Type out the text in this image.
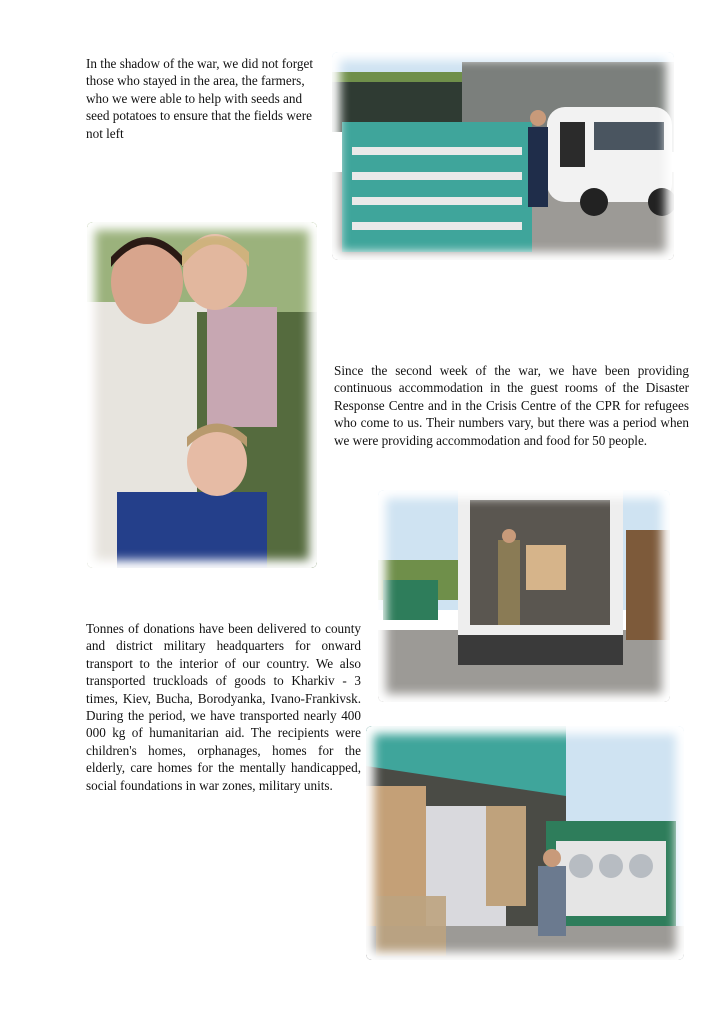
In the shadow of the war, we did not forget those who stayed in the area, the farmers, who we were able to help with seeds and seed potatoes to ensure that the fields were not left

Since the second week of the war, we have been providing continuous accommodation in the guest rooms of the Disaster Response Centre and in the Crisis Centre of the CPR for refugees who come to us. Their numbers vary, but there was a period when we were providing accommodation and food for 50 people.

Tonnes of donations have been delivered to county and district military headquarters for onward transport to the interior of our country. We also transported truckloads of goods to Kharkiv - 3 times, Kiev, Bucha, Borodyanka, Ivano-Frankivsk. During the period, we have transported nearly 400 000 kg of humanitarian aid. The recipients were children's homes, orphanages, homes for the elderly, care homes for the mentally handicapped, social foundations in war zones, military units.
